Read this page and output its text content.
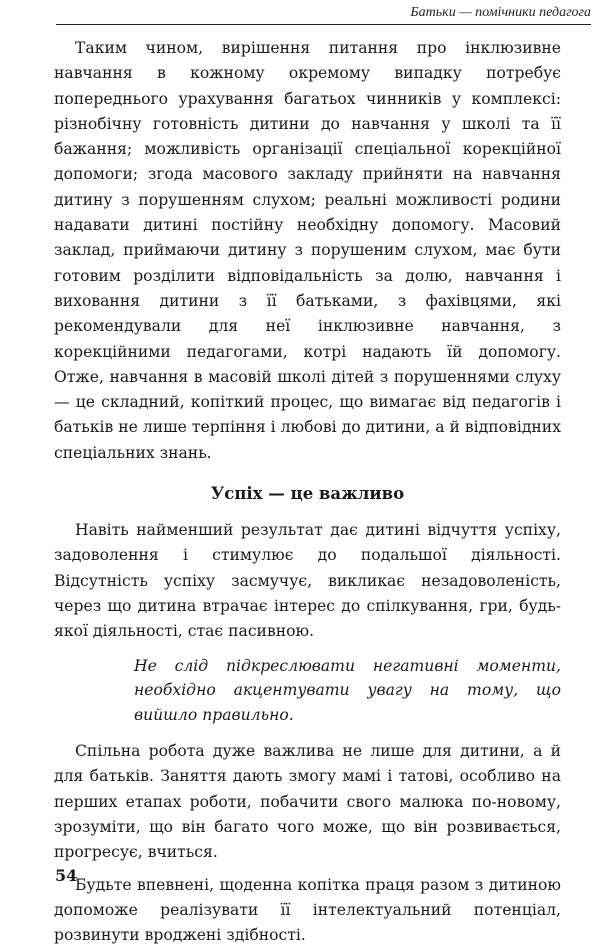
Батьки — помічники педагога

Таким чином, вирішення питання про інклюзивне навчання в кожному окремому випадку потребує попереднього урахування багатьох чинників у комплексі: різнобічну готовність дитини до навчання у школі та її бажання; можливість організації спеціальної корекційної допомоги; згода масового закладу прийняти на навчання дитину з порушенням слухом; реальні можливості родини надавати дитині постійну необхідну допомогу. Масовий заклад, приймаючи дитину з порушеним слухом, має бути готовим розділити відповідальність за долю, навчання і виховання дитини з її батьками, з фахівцями, які рекомендували для неї інклюзивне навчання, з корекційними педагогами, котрі надають їй допомогу. Отже, навчання в масовій школі дітей з порушеннями слуху — це складний, копіткий процес, що вимагає від педагогів і батьків не лише терпіння і любові до дитини, а й відповідних спеціальних знань.

Успіх — це важливо

Навіть найменший результат дає дитині відчуття успіху, задоволення і стимулює до подальшої діяльності. Відсутність успіху засмучує, викликає незадоволеність, через що дитина втрачає інтерес до спілкування, гри, будь-якої діяльності, стає пасивною.

Не слід підкреслювати негативні моменти, необхідно акцентувати увагу на тому, що вийшло правильно.

Спільна робота дуже важлива не лише для дитини, а й для батьків. Заняття дають змогу мамі і татові, особливо на перших етапах роботи, побачити свого малюка по-новому, зрозуміти, що він багато чого може, що він розвивається, прогресує, вчиться.

Будьте впевнені, щоденна копітка праця разом з дитиною допоможе реалізувати її інтелектуальний потенціал, розвинути вроджені здібності.

54
